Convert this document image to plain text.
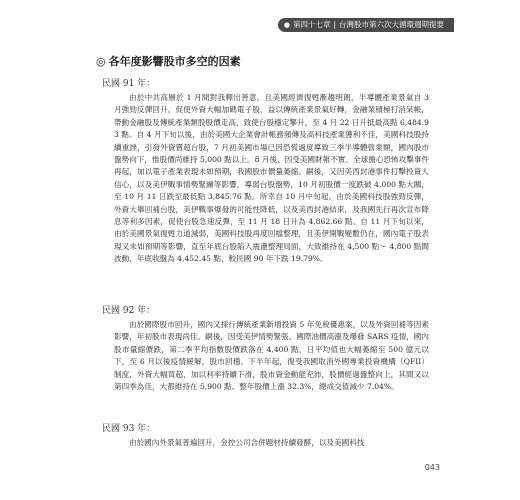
● 第四十七章 | 台灣股市第六次大循環週期提要
◎ 各年度影響股市多空的因素
民國 91 年：

由於中共高層於 1 月間對我釋出善意，且美國經濟復甦漸趨明朗，半導體產業景氣自 3 月強勁反彈回升，促使外資大幅加碼電子股，益以傳統產業景氣好轉，金融業積極打消呆帳，帶動金融股及傳統產業類股股價走高，致使台股穩定攀升，至 4 月 22 日升抵最高點 6,484.93 點。自 4 月下旬以後，由於美國大企業會計帳務頻傳及高科技產業獲利不佳，美國科技股持續重挫，引發外資賣超台股，7 月初美國市場已因恐慌過度導致三季半導體營業額，國內股市盤勢向下，惟股價尚維持 5,000 點以上。8 月後，因受美國財報不實、全球擔心恐怖攻擊事件再起，加以電子產業表現未如預期，我國股市價量萎縮。嗣後，又因美西封港事件打擊投資人信心，以及美伊戰事情勢緊繃等影響，導弱台股盤勢，10 月初股價一度跌破 4,000 點大關，至 10 月 11 日跌至最低點 3,845.76 點。所幸自 10 月中旬起，由於美國科技股強勁反彈，外資大舉回補台股，美伊戰事爆發的可能性降低，以及美西封港結束，及我國先行再次宣布降息等利多因素，促使台股急速反彈，至 11 月 18 日升為 4,862.66 點。自 11 月下旬以來，由於美國景氣復甦力道減弱，美國科技股再度回檔整理，且美伊開戰變數仍在，國內電子股表現又未如預期等影響，直至年底台股陷入震盪整理局面，大致維持在 4,500 點～ 4,800 點間波動，年底收盤為 4,452.45 點，較民國 90 年下跌 19.79%。

民國 92 年：

由於國際股市回升，國內又採行傳統產業新增投資 5 年免稅優惠案，以及外資回補等因素影響，年初股市表現尚佳。嗣後，因受美伊情勢緊張、國際油價高漲及爆發 SARS 疫情，國內股市量縮價跌，第二季平均指數股價跌落在 4,400 點，日平均值也大幅萎縮至 500 億元以下，至 6 月以後疫情緩解，股市回穩。下半年起，復受我國取消外國專業投資機構（QFII）制度，外資大幅買超，加以利率持續下滑，股市資金動能充沛，股價經過盤整向上，其間又以第四季為佳，大都維持在 5,900 點。整年股價上漲 32.3%，總成交值減少 7.04%。

民國 93 年：

由於國內外景氣普遍回升，金控公司合併題材持續發酵，以及美國科技

043
